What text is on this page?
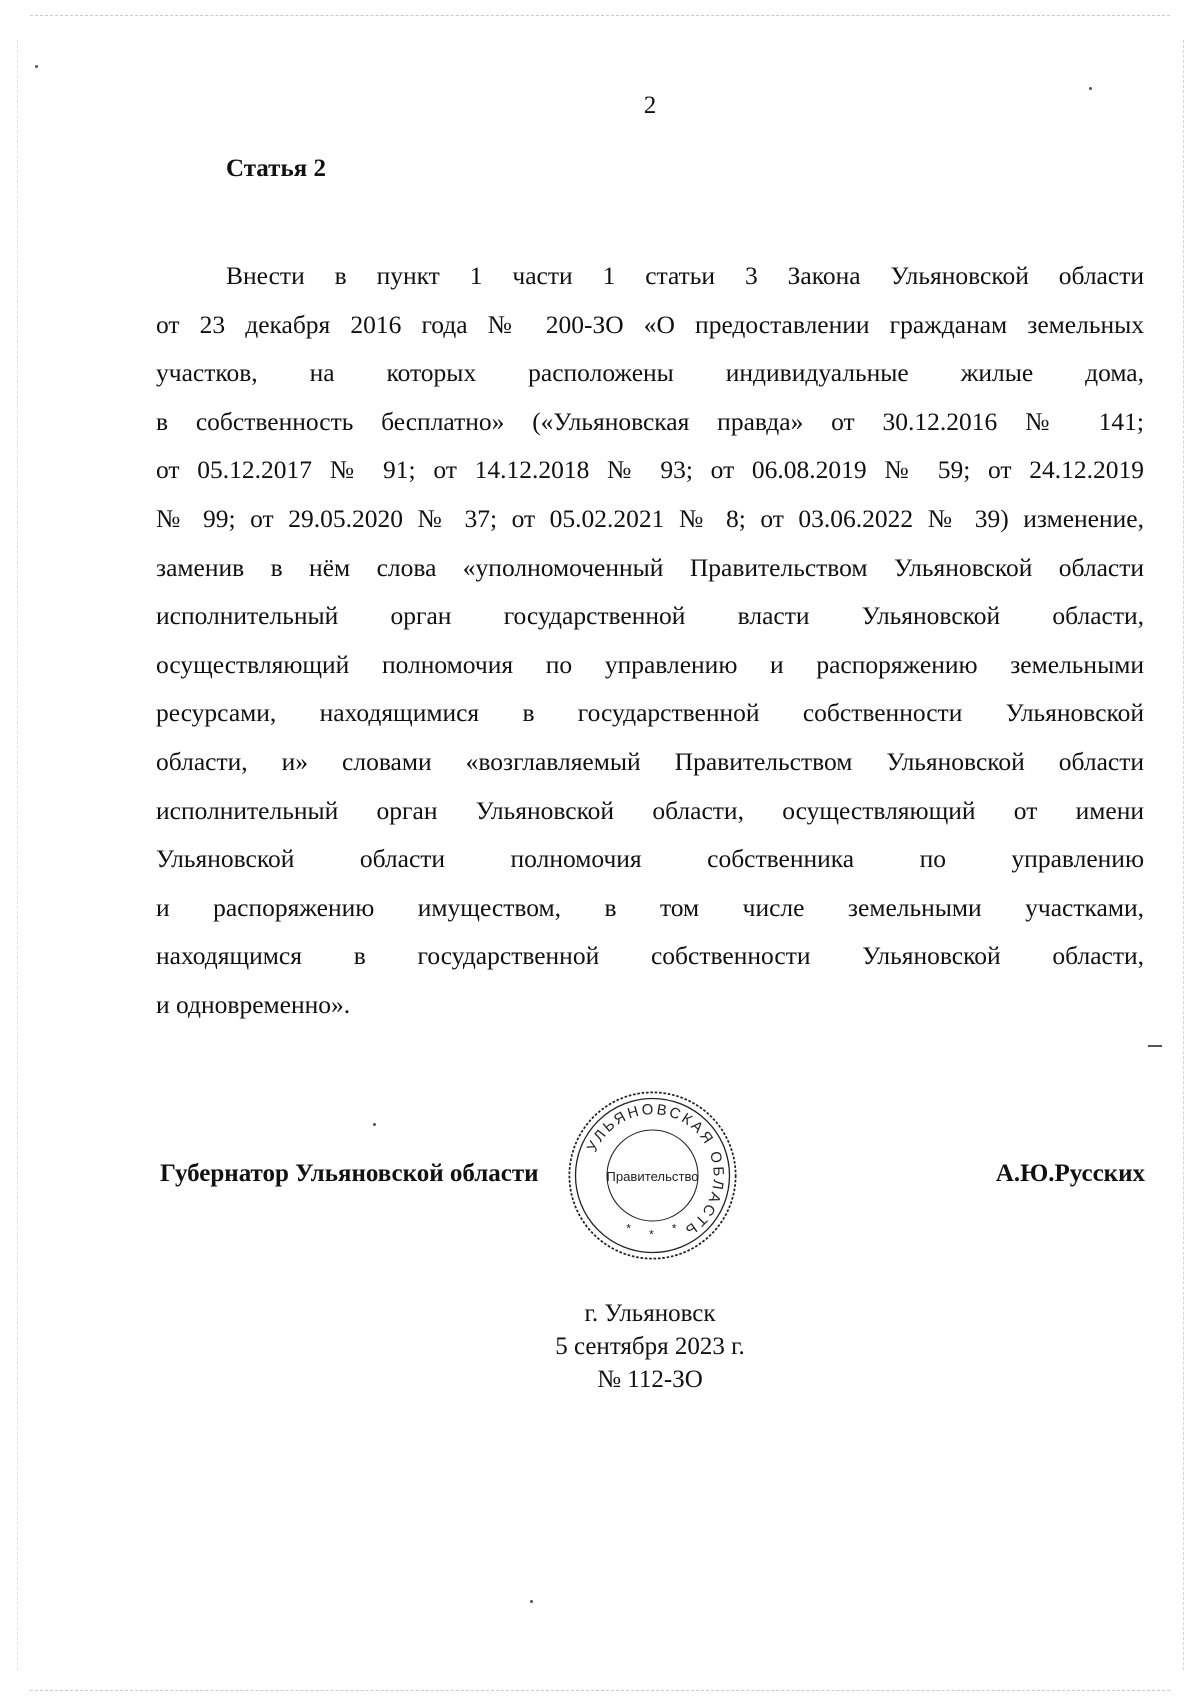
2
Статья 2
Внести в пункт 1 части 1 статьи 3 Закона Ульяновской области
от 23 декабря 2016 года № 200-ЗО «О предоставлении гражданам земельных
участков, на которых расположены индивидуальные жилые дома,
в собственность бесплатно» («Ульяновская правда» от 30.12.2016 № 141;
от 05.12.2017 № 91; от 14.12.2018 № 93; от 06.08.2019 № 59; от 24.12.2019
№ 99; от 29.05.2020 № 37; от 05.02.2021 № 8; от 03.06.2022 № 39) изменение,
заменив в нём слова «уполномоченный Правительством Ульяновской области
исполнительный орган государственной власти Ульяновской области,
осуществляющий полномочия по управлению и распоряжению земельными
ресурсами, находящимися в государственной собственности Ульяновской
области, и» словами «возглавляемый Правительством Ульяновской области
исполнительный орган Ульяновской области, осуществляющий от имени
Ульяновской области полномочия собственника по управлению
и распоряжению имуществом, в том числе земельными участками,
находящимся в государственной собственности Ульяновской области,
и одновременно».
Губернатор Ульяновской области	А.Ю.Русских
УЛЬЯНОВСКАЯ ОБЛАСТЬ
Правительство
* * *
г. Ульяновск
5 сентября 2023 г.
№ 112-ЗО
